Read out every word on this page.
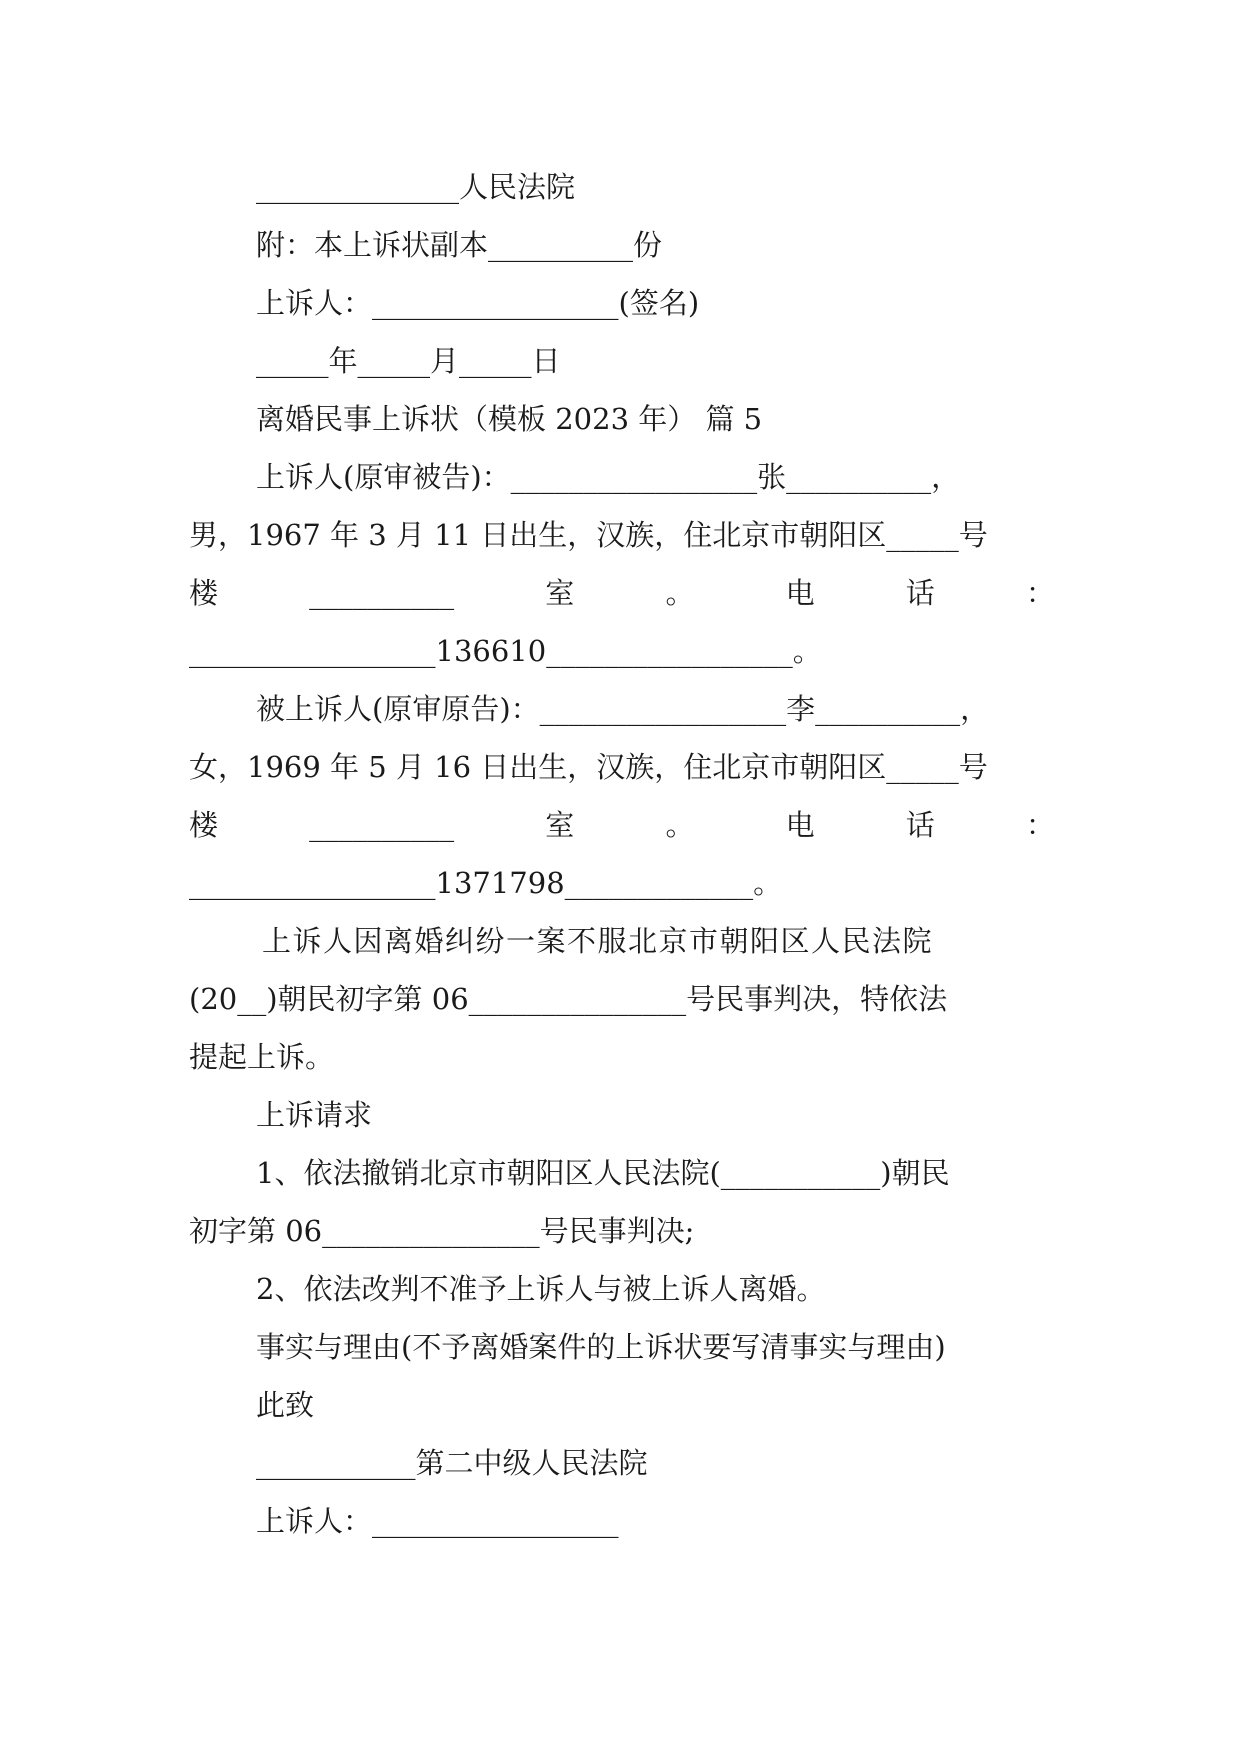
______________人民法院
附：本上诉状副本__________份
上诉人：_________________(签名)
_____年_____月_____日
离婚民事上诉状（模板 2023 年） 篇 5
上诉人(原审被告)：_________________张__________，
男，1967 年 3 月 11 日出生，汉族，住北京市朝阳区_____号
楼	__________	室	。	电	话	：
_________________136610_________________。
被上诉人(原审原告)：_________________李__________，
女，1969 年 5 月 16 日出生，汉族，住北京市朝阳区_____号
楼	__________	室	。	电	话	：
_________________1371798_____________。
上诉人因离婚纠纷一案不服北京市朝阳区人民法院
(20__)朝民初字第 06_______________号民事判决，特依法
提起上诉。
上诉请求
1、依法撤销北京市朝阳区人民法院(___________)朝民
初字第 06_______________号民事判决;
2、依法改判不准予上诉人与被上诉人离婚。
事实与理由(不予离婚案件的上诉状要写清事实与理由)
此致
___________第二中级人民法院
上诉人：_________________
